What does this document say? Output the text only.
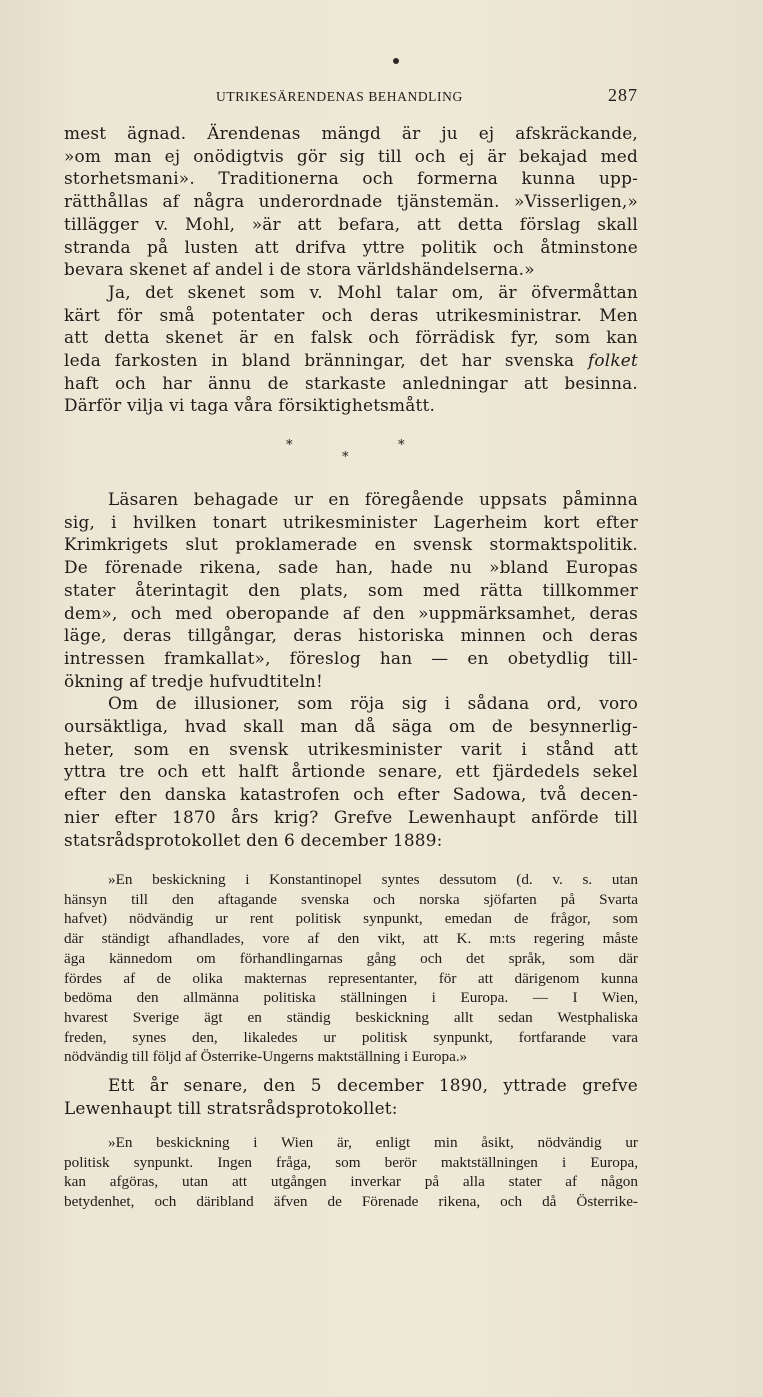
UTRIKESÄRENDENAS BEHANDLING	287
mest ägnad. Ärendenas mängd är ju ej afskräckande,
»om man ej onödigtvis gör sig till och ej är bekajad med
storhetsmani». Traditionerna och formerna kunna upp-
rätthållas af några underordnade tjänstemän. »Visserligen,»
tillägger v. Mohl, »är att befara, att detta förslag skall
stranda på lusten att drifva yttre politik och åtminstone
bevara skenet af andel i de stora världshändelserna.»
Ja, det skenet som v. Mohl talar om, är öfvermåttan
kärt för små potentater och deras utrikesministrar. Men
att detta skenet är en falsk och förrädisk fyr, som kan
leda farkosten in bland bränningar, det har svenska folket
haft och har ännu de starkaste anledningar att besinna.
Därför vilja vi taga våra försiktighetsmått.
*	*
*
Läsaren behagade ur en föregående uppsats påminna
sig, i hvilken tonart utrikesminister Lagerheim kort efter
Krimkrigets slut proklamerade en svensk stormaktspolitik.
De förenade rikena, sade han, hade nu »bland Europas
stater återintagit den plats, som med rätta tillkommer
dem», och med oberopande af den »uppmärksamhet, deras
läge, deras tillgångar, deras historiska minnen och deras
intressen framkallat», föreslog han — en obetydlig till-
ökning af tredje hufvudtiteln!
Om de illusioner, som röja sig i sådana ord, voro
oursäktliga, hvad skall man då säga om de besynnerlig-
heter, som en svensk utrikesminister varit i stånd att
yttra tre och ett halft årtionde senare, ett fjärdedels sekel
efter den danska katastrofen och efter Sadowa, två decen-
nier efter 1870 års krig? Grefve Lewenhaupt anförde till
statsrådsprotokollet den 6 december 1889:
»En beskickning i Konstantinopel syntes dessutom (d. v. s. utan
hänsyn till den aftagande svenska och norska sjöfarten på Svarta
hafvet) nödvändig ur rent politisk synpunkt, emedan de frågor, som
där ständigt afhandlades, vore af den vikt, att K. m:ts regering måste
äga kännedom om förhandlingarnas gång och det språk, som där
fördes af de olika makternas representanter, för att därigenom kunna
bedöma den allmänna politiska ställningen i Europa. — I Wien,
hvarest Sverige ägt en ständig beskickning allt sedan Westphaliska
freden, synes den, likaledes ur politisk synpunkt, fortfarande vara
nödvändig till följd af Österrike-Ungerns maktställning i Europa.»
Ett år senare, den 5 december 1890, yttrade grefve
Lewenhaupt till stratsrådsprotokollet:
»En beskickning i Wien är, enligt min åsikt, nödvändig ur
politisk synpunkt. Ingen fråga, som berör maktställningen i Europa,
kan afgöras, utan att utgången inverkar på alla stater af någon
betydenhet, och däribland äfven de Förenade rikena, och då Österrike-
